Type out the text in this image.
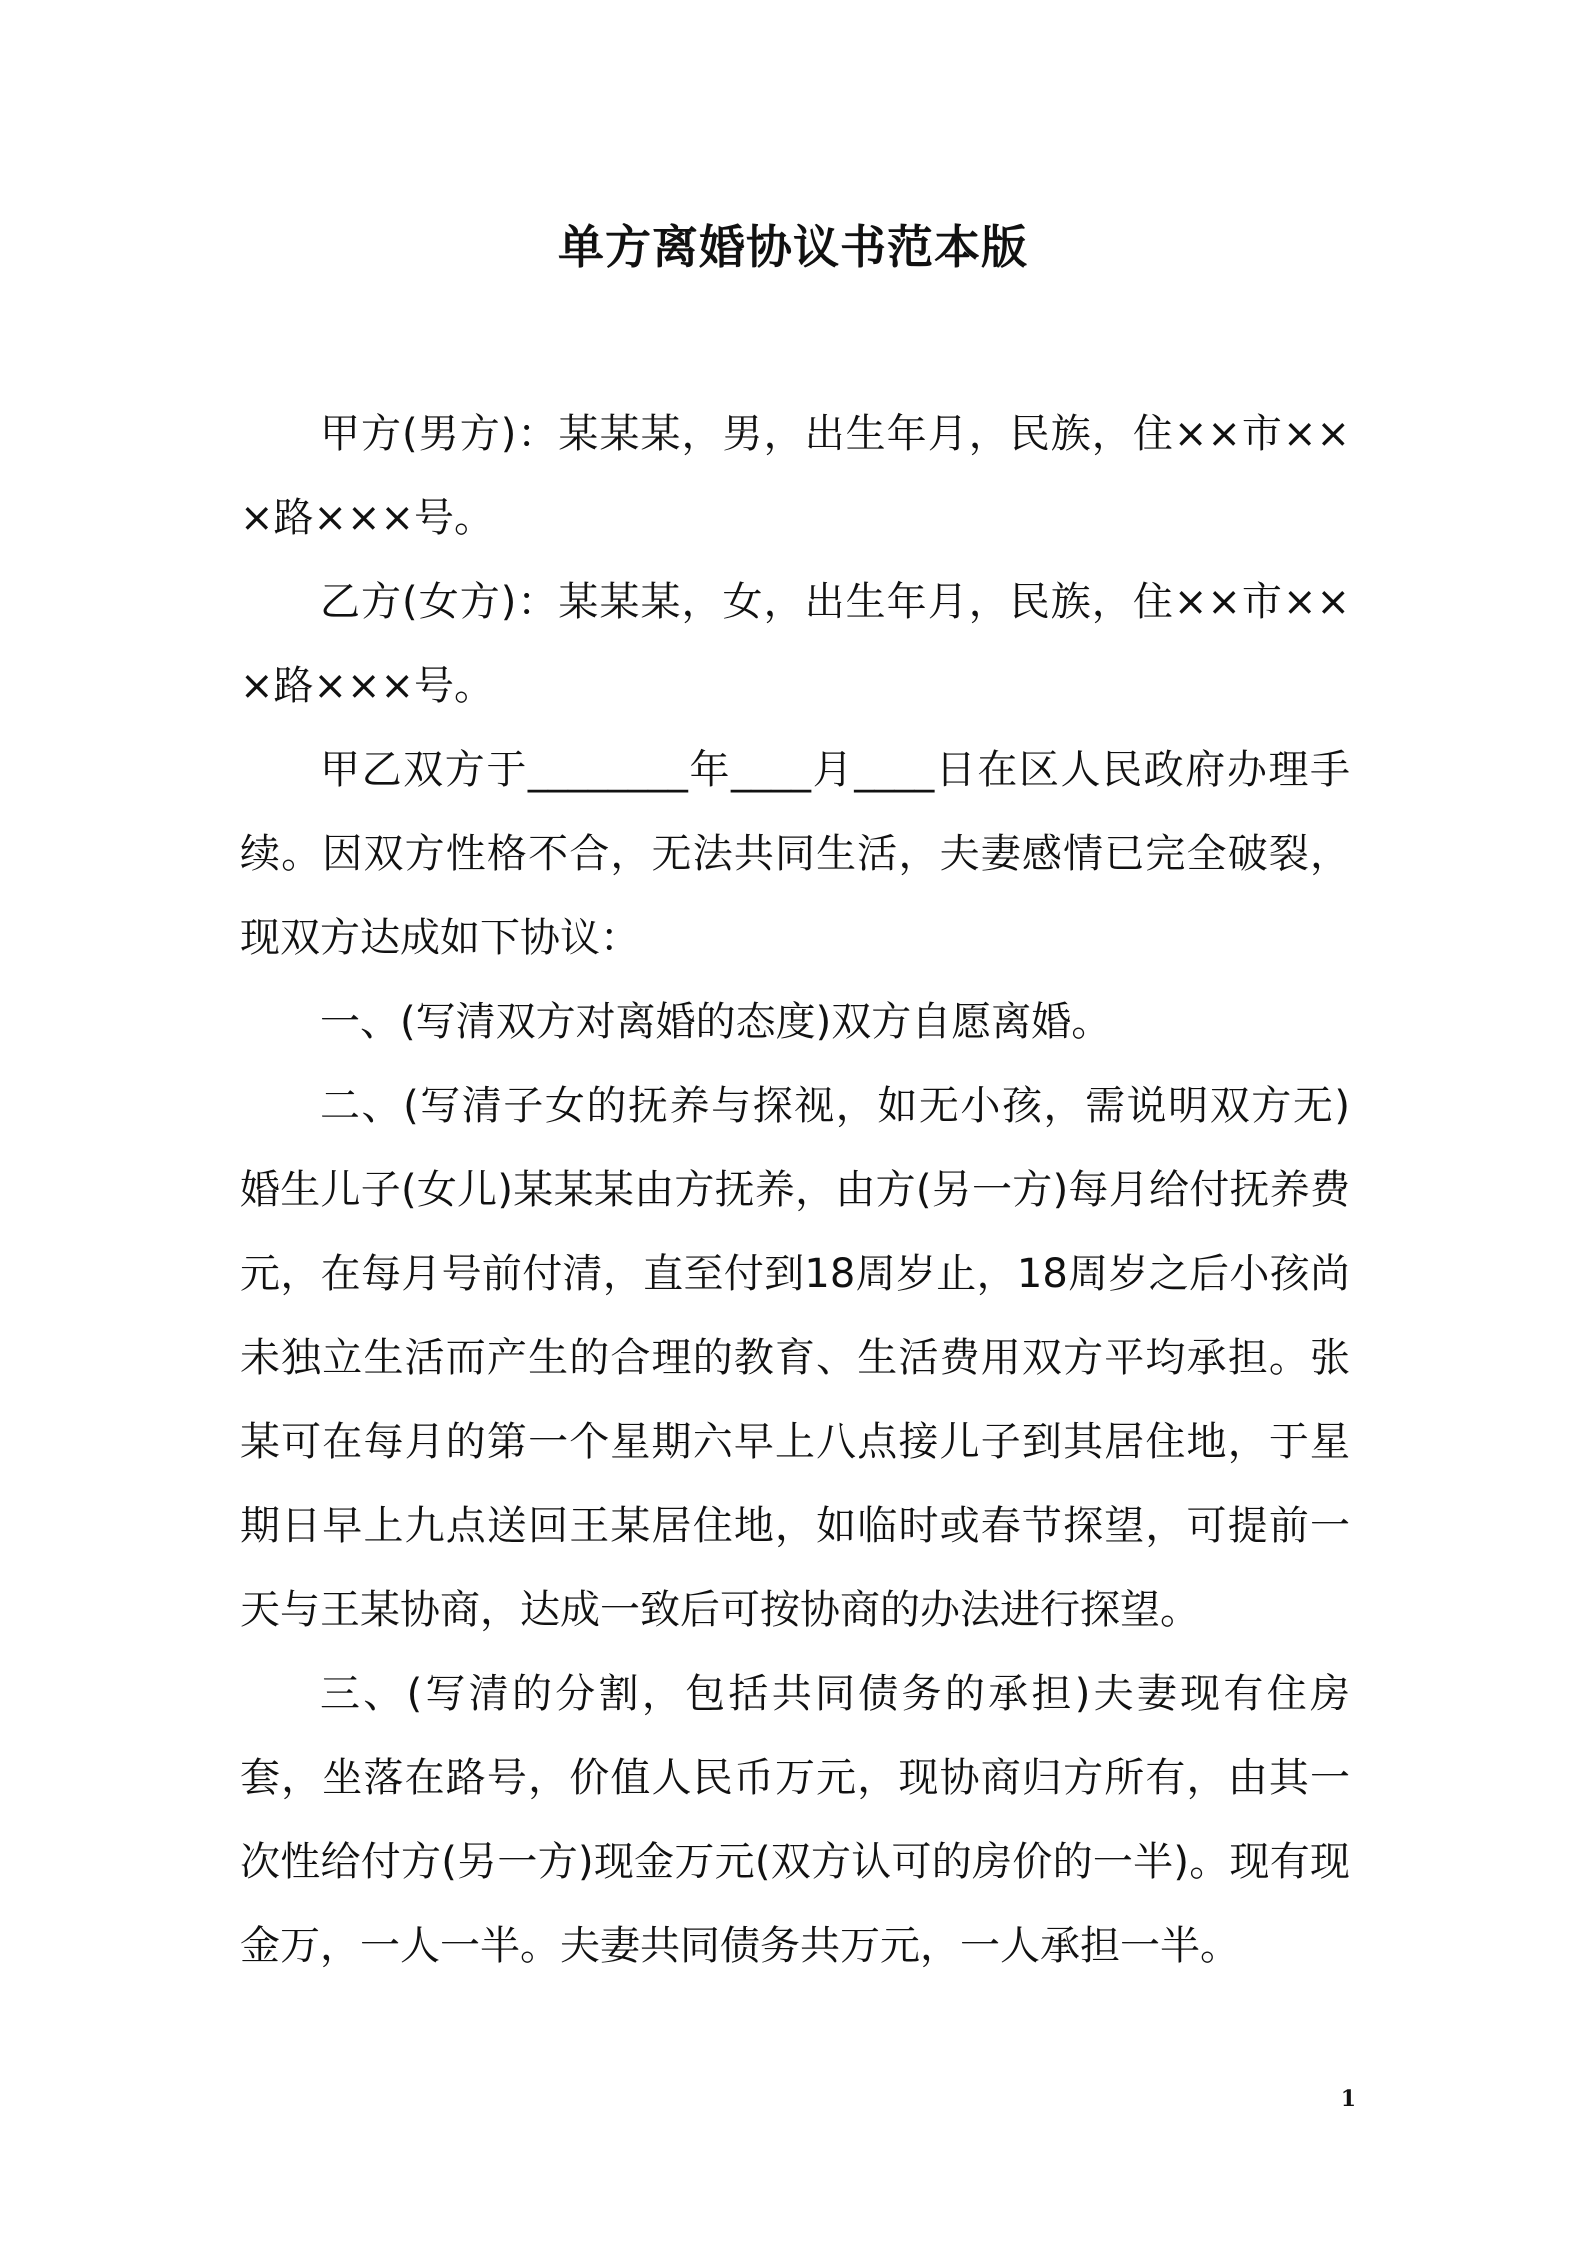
单方离婚协议书范本版

甲方(男方)：某某某，男，出生年月，民族，住××市×××路×××号。

乙方(女方)：某某某，女，出生年月，民族，住××市×××路×××号。

甲乙双方于________年____月____日在区人民政府办理手续。因双方性格不合，无法共同生活，夫妻感情已完全破裂，现双方达成如下协议：

一、(写清双方对离婚的态度)双方自愿离婚。

二、(写清子女的抚养与探视，如无小孩，需说明双方无)婚生儿子(女儿)某某某由方抚养，由方(另一方)每月给付抚养费元，在每月号前付清，直至付到18周岁止，18周岁之后小孩尚未独立生活而产生的合理的教育、生活费用双方平均承担。张某可在每月的第一个星期六早上八点接儿子到其居住地，于星期日早上九点送回王某居住地，如临时或春节探望，可提前一天与王某协商，达成一致后可按协商的办法进行探望。

三、(写清的分割，包括共同债务的承担)夫妻现有住房套，坐落在路号，价值人民币万元，现协商归方所有，由其一次性给付方(另一方)现金万元(双方认可的房价的一半)。现有现金万，一人一半。夫妻共同债务共万元，一人承担一半。

1
